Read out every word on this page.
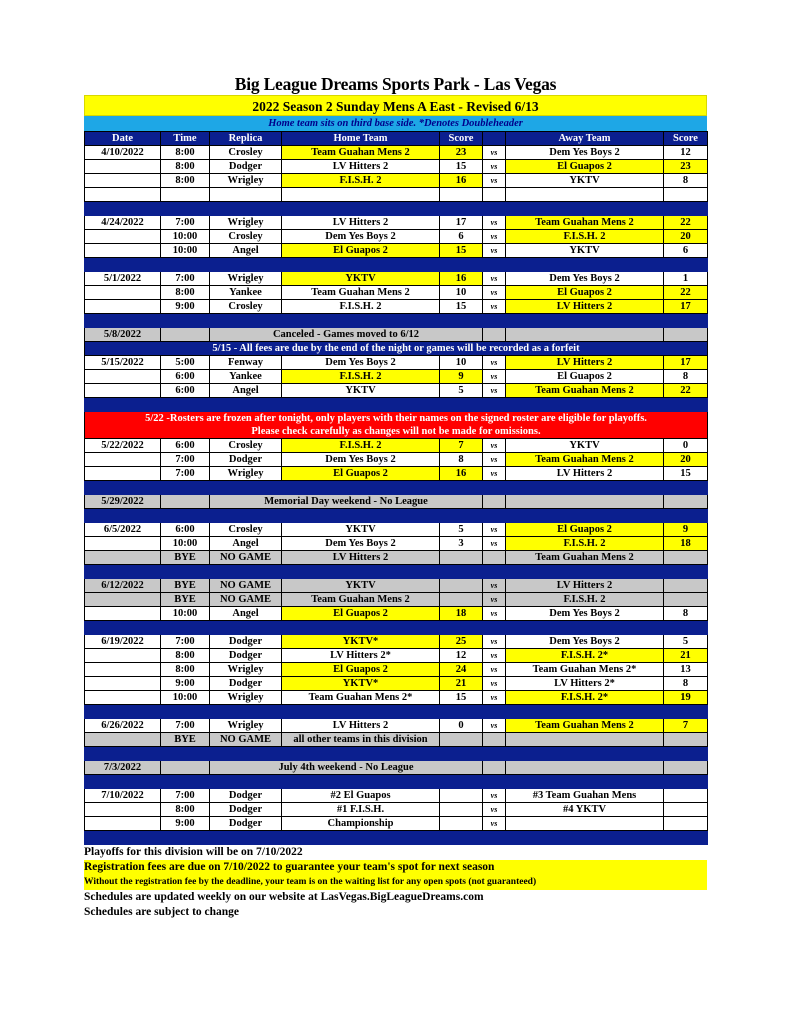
Big League Dreams Sports Park - Las Vegas
2022 Season 2 Sunday Mens A East - Revised 6/13
Home team sits on third base side. *Denotes Doubleheader
Date	Time	Replica	Home Team	Score		Away Team	Score
4/10/2022	8:00	Crosley	Team Guahan Mens 2	23	vs	Dem Yes Boys 2	12
	8:00	Dodger	LV Hitters 2	15	vs	El Guapos 2	23
	8:00	Wrigley	F.I.S.H. 2	16	vs	YKTV	8

4/24/2022	7:00	Wrigley	LV Hitters 2	17	vs	Team Guahan Mens 2	22
	10:00	Crosley	Dem Yes Boys 2	6	vs	F.I.S.H. 2	20
	10:00	Angel	El Guapos 2	15	vs	YKTV	6

5/1/2022	7:00	Wrigley	YKTV	16	vs	Dem Yes Boys 2	1
	8:00	Yankee	Team Guahan Mens 2	10	vs	El Guapos 2	22
	9:00	Crosley	F.I.S.H. 2	15	vs	LV Hitters 2	17

5/8/2022		Canceled - Games moved to 6/12					
5/15 - All fees are due by the end of the night or games will be recorded as a forfeit							
5/15/2022	5:00	Fenway	Dem Yes Boys 2	10	vs	LV Hitters 2	17
	6:00	Yankee	F.I.S.H. 2	9	vs	El Guapos 2	8
	6:00	Angel	YKTV	5	vs	Team Guahan Mens 2	22

5/22 -Rosters are frozen after tonight, only players with their names on the signed roster are eligible for playoffs.
Please check carefully as changes will not be made for omissions.							

5/22/2022	6:00	Crosley	F.I.S.H. 2	7	vs	YKTV	0
	7:00	Dodger	Dem Yes Boys 2	8	vs	Team Guahan Mens 2	20
	7:00	Wrigley	El Guapos 2	16	vs	LV Hitters 2	15

5/29/2022		Memorial Day weekend - No League					

6/5/2022	6:00	Crosley	YKTV	5	vs	El Guapos 2	9
	10:00	Angel	Dem Yes Boys 2	3	vs	F.I.S.H. 2	18
	BYE	NO GAME	LV Hitters 2			Team Guahan Mens 2	

6/12/2022	BYE	NO GAME	YKTV		vs	LV Hitters 2	
	BYE	NO GAME	Team Guahan Mens 2		vs	F.I.S.H. 2	
	10:00	Angel	El Guapos 2	18	vs	Dem Yes Boys 2	8

6/19/2022	7:00	Dodger	YKTV*	25	vs	Dem Yes Boys 2	5
	8:00	Dodger	LV Hitters 2*	12	vs	F.I.S.H. 2*	21
	8:00	Wrigley	El Guapos 2	24	vs	Team Guahan Mens 2*	13
	9:00	Dodger	YKTV*	21	vs	LV Hitters 2*	8
	10:00	Wrigley	Team Guahan Mens 2*	15	vs	F.I.S.H. 2*	19

6/26/2022	7:00	Wrigley	LV Hitters 2	0	vs	Team Guahan Mens 2	7
	BYE	NO GAME	all other teams in this division				

7/3/2022		July 4th weekend - No League					

7/10/2022	7:00	Dodger	#2 El Guapos		vs	#3 Team Guahan Mens	
	8:00	Dodger	#1 F.I.S.H.		vs	#4 YKTV	
	9:00	Dodger	Championship		vs		

Playoffs for this division will be on 7/10/2022
Registration fees are due on 7/10/2022 to guarantee your team's spot for next season
Without the registration fee by the deadline, your team is on the waiting list for any open spots (not guaranteed)
Schedules are updated weekly on our website at LasVegas.BigLeagueDreams.com
Schedules are subject to change
